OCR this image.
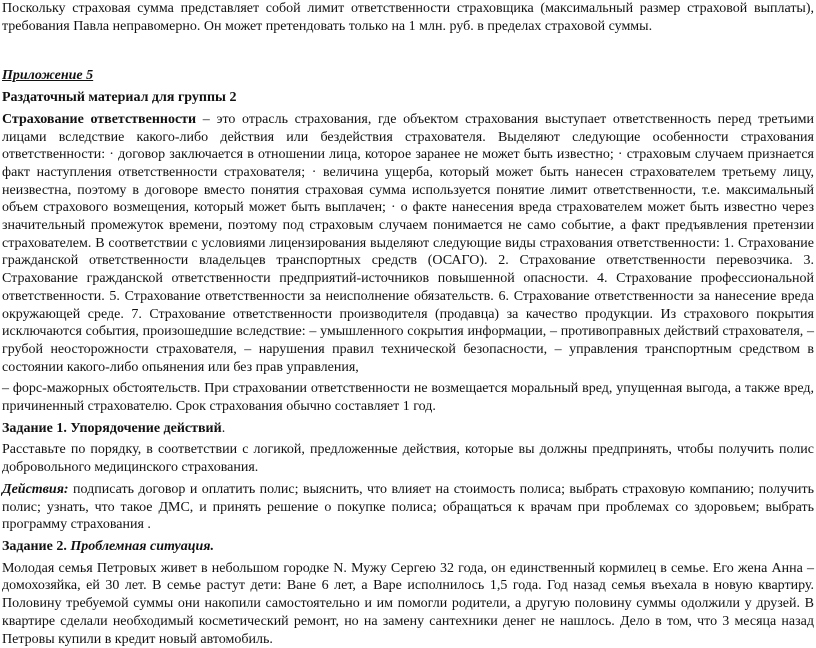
Поскольку страховая сумма представляет собой лимит ответственности страховщика (максимальный размер страховой выплаты), требования Павла неправомерно. Он может претендовать только на 1 млн. руб. в пределах страховой суммы.

Приложение 5

Раздаточный материал для группы 2

Страхование ответственности – это отрасль страхования, где объектом страхования выступает ответственность перед третьими лицами вследствие какого-либо действия или бездействия страхователя. Выделяют следующие особенности страхования ответственности: · договор заключается в отношении лица, которое заранее не может быть известно; · страховым случаем признается факт наступления ответственности страхователя; · величина ущерба, который может быть нанесен страхователем третьему лицу, неизвестна, поэтому в договоре вместо понятия страховая сумма используется понятие лимит ответственности, т.е. максимальный объем страхового возмещения, который может быть выплачен; · о факте нанесения вреда страхователем может быть известно через значительный промежуток времени, поэтому под страховым случаем понимается не само событие, а факт предъявления претензии страхователем. В соответствии с условиями лицензирования выделяют следующие виды страхования ответственности: 1. Страхование гражданской ответственности владельцев транспортных средств (ОСАГО). 2. Страхование ответственности перевозчика. 3. Страхование гражданской ответственности предприятий-источников повышенной опасности. 4. Страхование профессиональной ответственности. 5. Страхование ответственности за неисполнение обязательств. 6. Страхование ответственности за нанесение вреда окружающей среде. 7. Страхование ответственности производителя (продавца) за качество продукции. Из страхового покрытия исключаются события, произошедшие вследствие: – умышленного сокрытия информации, – противоправных действий страхователя, – грубой неосторожности страхователя, – нарушения правил технической безопасности, – управления транспортным средством в состоянии какого-либо опьянения или без прав управления,

– форс-мажорных обстоятельств. При страховании ответственности не возмещается моральный вред, упущенная выгода, а также вред, причиненный страхователю. Срок страхования обычно составляет 1 год.

Задание 1. Упорядочение действий.

Расставьте по порядку, в соответствии с логикой, предложенные действия, которые вы должны предпринять, чтобы получить полис добровольного медицинского страхования.

Действия: подписать договор и оплатить полис; выяснить, что влияет на стоимость полиса; выбрать страховую компанию; получить полис; узнать, что такое ДМС, и принять решение о покупке полиса; обращаться к врачам при проблемах со здоровьем; выбрать программу страхования .

Задание 2. Проблемная ситуация.

Молодая семья Петровых живет в небольшом городке N. Мужу Сергею 32 года, он единственный кормилец в семье. Его жена Анна – домохозяйка, ей 30 лет. В семье растут дети: Ване 6 лет, а Варе исполнилось 1,5 года. Год назад семья въехала в новую квартиру. Половину требуемой суммы они накопили самостоятельно и им помогли родители, а другую половину суммы одолжили у друзей. В квартире сделали необходимый косметический ремонт, но на замену сантехники денег не нашлось. Дело в том, что 3 месяца назад Петровы купили в кредит новый автомобиль.
